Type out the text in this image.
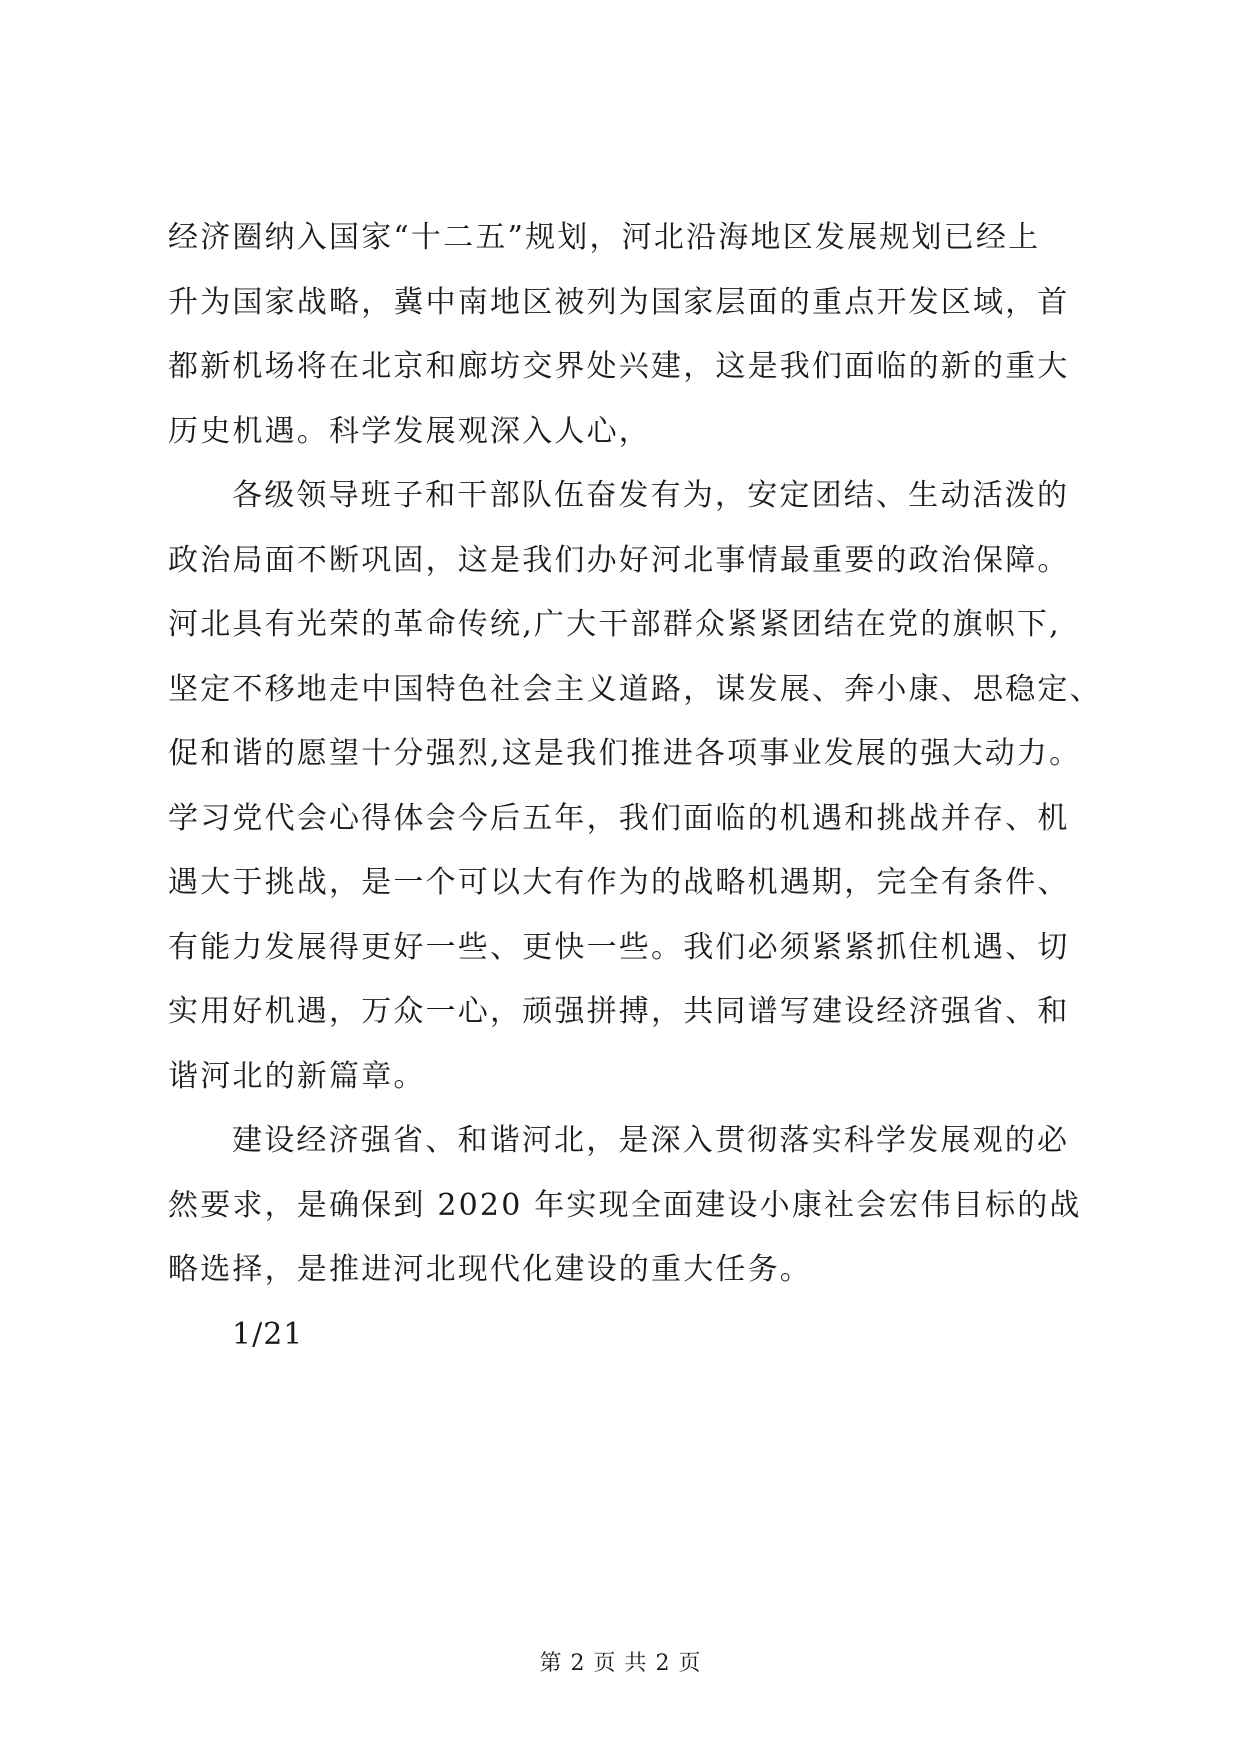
经济圈纳入国家“十二五”规划，河北沿海地区发展规划已经上
升为国家战略，冀中南地区被列为国家层面的重点开发区域，首
都新机场将在北京和廊坊交界处兴建，这是我们面临的新的重大
历史机遇。科学发展观深入人心，

各级领导班子和干部队伍奋发有为，安定团结、生动活泼的
政治局面不断巩固，这是我们办好河北事情最重要的政治保障。
河北具有光荣的革命传统,广大干部群众紧紧团结在党的旗帜下,
坚定不移地走中国特色社会主义道路，谋发展、奔小康、思稳定、
促和谐的愿望十分强烈,这是我们推进各项事业发展的强大动力。
学习党代会心得体会今后五年，我们面临的机遇和挑战并存、机
遇大于挑战，是一个可以大有作为的战略机遇期，完全有条件、
有能力发展得更好一些、更快一些。我们必须紧紧抓住机遇、切
实用好机遇，万众一心，顽强拼搏，共同谱写建设经济强省、和
谐河北的新篇章。

建设经济强省、和谐河北，是深入贯彻落实科学发展观的必
然要求，是确保到 2020 年实现全面建设小康社会宏伟目标的战
略选择，是推进河北现代化建设的重大任务。

1/21
第 2 页 共 2 页
